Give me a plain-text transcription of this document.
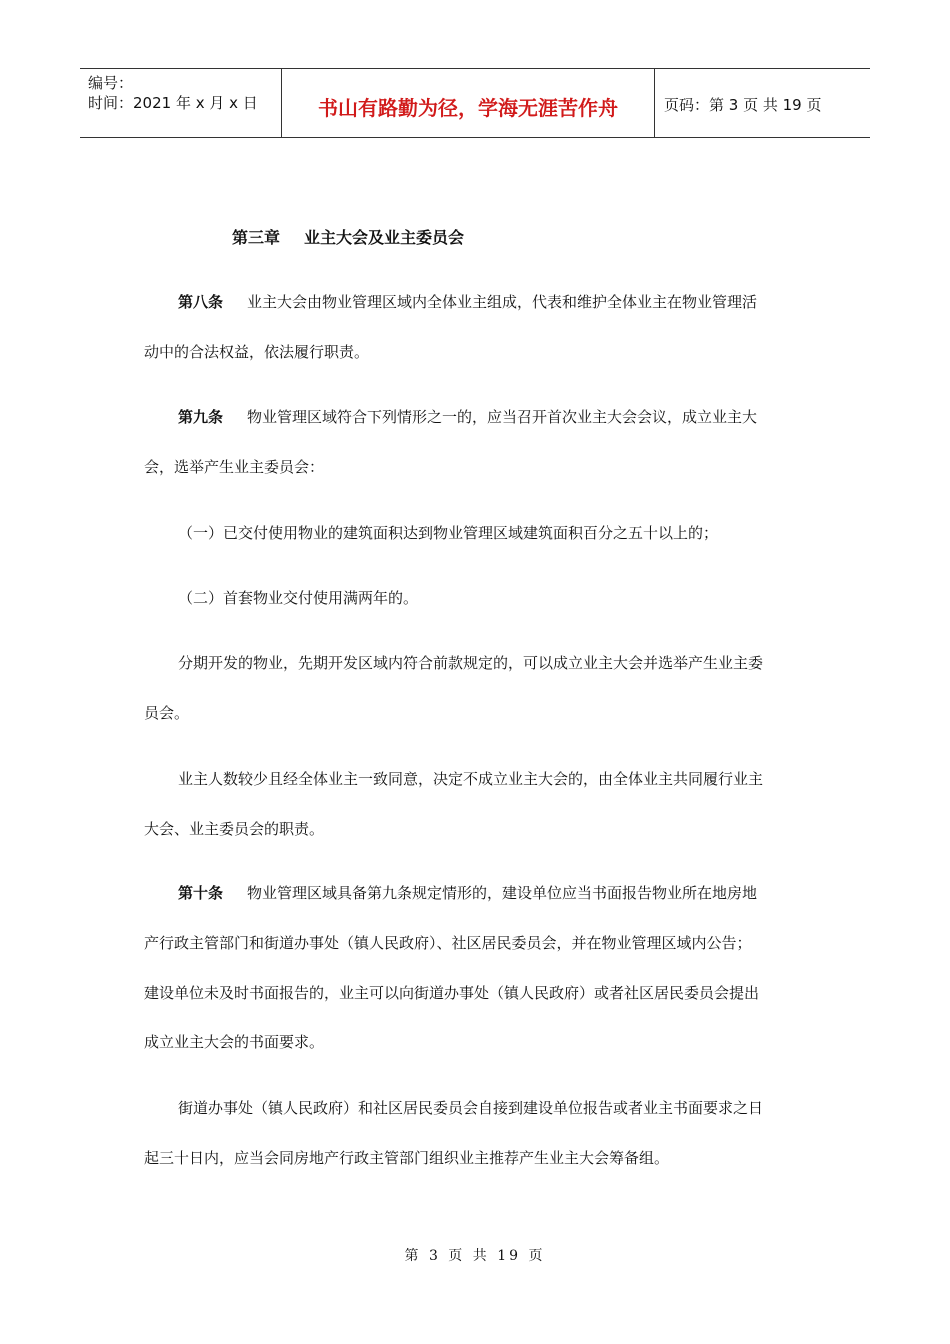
编号：
时间：2021 年 x 月 x 日	书山有路勤为径，学海无涯苦作舟	页码：第 3 页 共 19 页
第三章 业主大会及业主委员会
第八条 业主大会由物业管理区域内全体业主组成，代表和维护全体业主在物业管理活
动中的合法权益，依法履行职责。
第九条 物业管理区域符合下列情形之一的，应当召开首次业主大会会议，成立业主大
会，选举产生业主委员会：
（一）已交付使用物业的建筑面积达到物业管理区域建筑面积百分之五十以上的；
（二）首套物业交付使用满两年的。
分期开发的物业，先期开发区域内符合前款规定的，可以成立业主大会并选举产生业主委
员会。
业主人数较少且经全体业主一致同意，决定不成立业主大会的，由全体业主共同履行业主
大会、业主委员会的职责。
第十条 物业管理区域具备第九条规定情形的，建设单位应当书面报告物业所在地房地
产行政主管部门和街道办事处（镇人民政府）、社区居民委员会，并在物业管理区域内公告；
建设单位未及时书面报告的，业主可以向街道办事处（镇人民政府）或者社区居民委员会提出
成立业主大会的书面要求。
街道办事处（镇人民政府）和社区居民委员会自接到建设单位报告或者业主书面要求之日
起三十日内，应当会同房地产行政主管部门组织业主推荐产生业主大会筹备组。
第 3 页 共 19 页
